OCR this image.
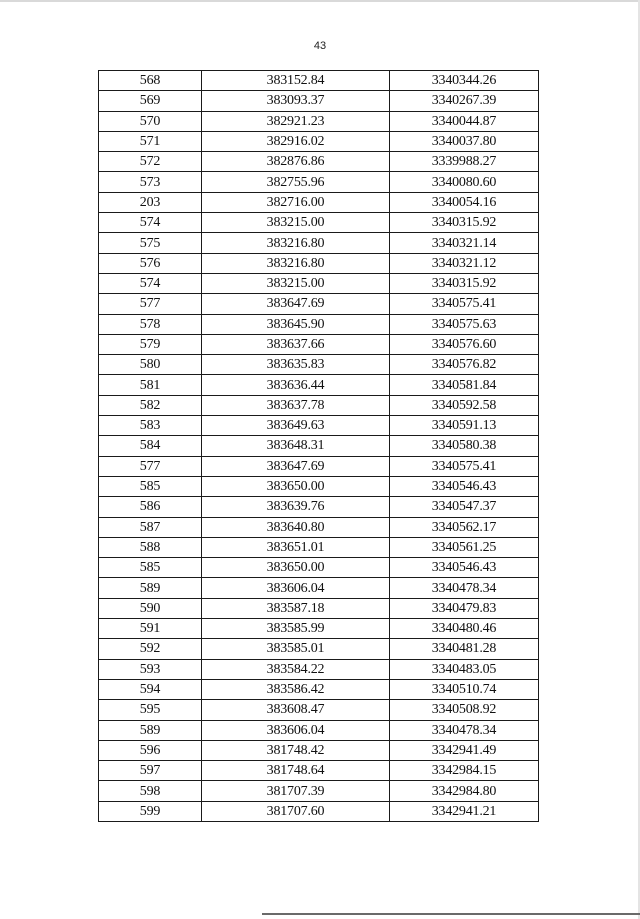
43
568	383152.84	3340344.26
569	383093.37	3340267.39
570	382921.23	3340044.87
571	382916.02	3340037.80
572	382876.86	3339988.27
573	382755.96	3340080.60
203	382716.00	3340054.16
574	383215.00	3340315.92
575	383216.80	3340321.14
576	383216.80	3340321.12
574	383215.00	3340315.92
577	383647.69	3340575.41
578	383645.90	3340575.63
579	383637.66	3340576.60
580	383635.83	3340576.82
581	383636.44	3340581.84
582	383637.78	3340592.58
583	383649.63	3340591.13
584	383648.31	3340580.38
577	383647.69	3340575.41
585	383650.00	3340546.43
586	383639.76	3340547.37
587	383640.80	3340562.17
588	383651.01	3340561.25
585	383650.00	3340546.43
589	383606.04	3340478.34
590	383587.18	3340479.83
591	383585.99	3340480.46
592	383585.01	3340481.28
593	383584.22	3340483.05
594	383586.42	3340510.74
595	383608.47	3340508.92
589	383606.04	3340478.34
596	381748.42	3342941.49
597	381748.64	3342984.15
598	381707.39	3342984.80
599	381707.60	3342941.21
